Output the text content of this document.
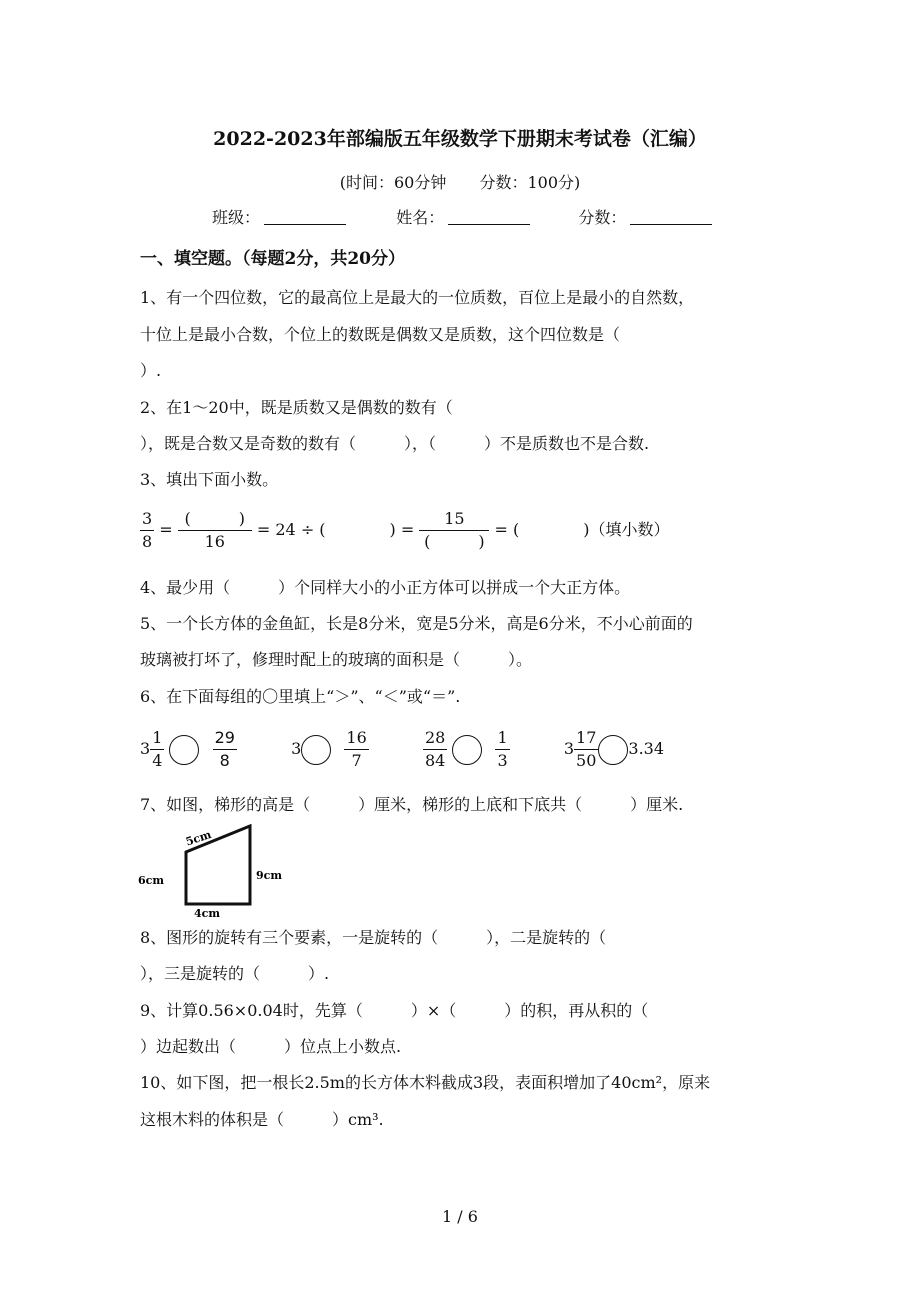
2022-2023年部编版五年级数学下册期末考试卷（汇编）
(时间：60分钟 分数：100分)
班级：	姓名：	分数：
一、填空题。（每题2分，共20分）
1、有一个四位数，它的最高位上是最大的一位质数，百位上是最小的自然数，
十位上是最小合数，个位上的数既是偶数又是质数，这个四位数是（
）.
2、在1～20中，既是质数又是偶数的数有（
），既是合数又是奇数的数有（　　　），（　　　）不是质数也不是合数.
3、填出下面小数。
$\frac{3}{8} = \frac{( )}{16} = 24$ ÷ (　　　　) = $\frac{15}{( )}$ = (　　　　)（填小数）
4、最少用（　　　）个同样大小的小正方体可以拼成一个大正方体。
5、一个长方体的金鱼缸，长是8分米，宽是5分米，高是6分米，不小心前面的
玻璃被打坏了，修理时配上的玻璃的面积是（　　　）。
6、在下面每组的〇里填上“＞”、“＜”或“＝”.
$3 \frac{1}{4}$
	$\frac{29}{8}$	3	$\frac{16}{7}$
	$\frac{28}{84}$
	$\frac{1}{3}$	$3 \frac{17}{50} 3.34$
7、如图，梯形的高是（　　　）厘米，梯形的上底和下底共（　　　）厘米.
5cm
6cm	9cm
4cm
8、图形的旋转有三个要素，一是旋转的（　　　），二是旋转的（
），三是旋转的（　　　）.
9、计算0.56×0.04时，先算（　　　）×（　　　）的积，再从积的（
）边起数出（　　　）位点上小数点.
10、如下图，把一根长2.5m的长方体木料截成3段，表面积增加了40cm²，原来
这根木料的体积是（　　　）cm³.
1 / 6
